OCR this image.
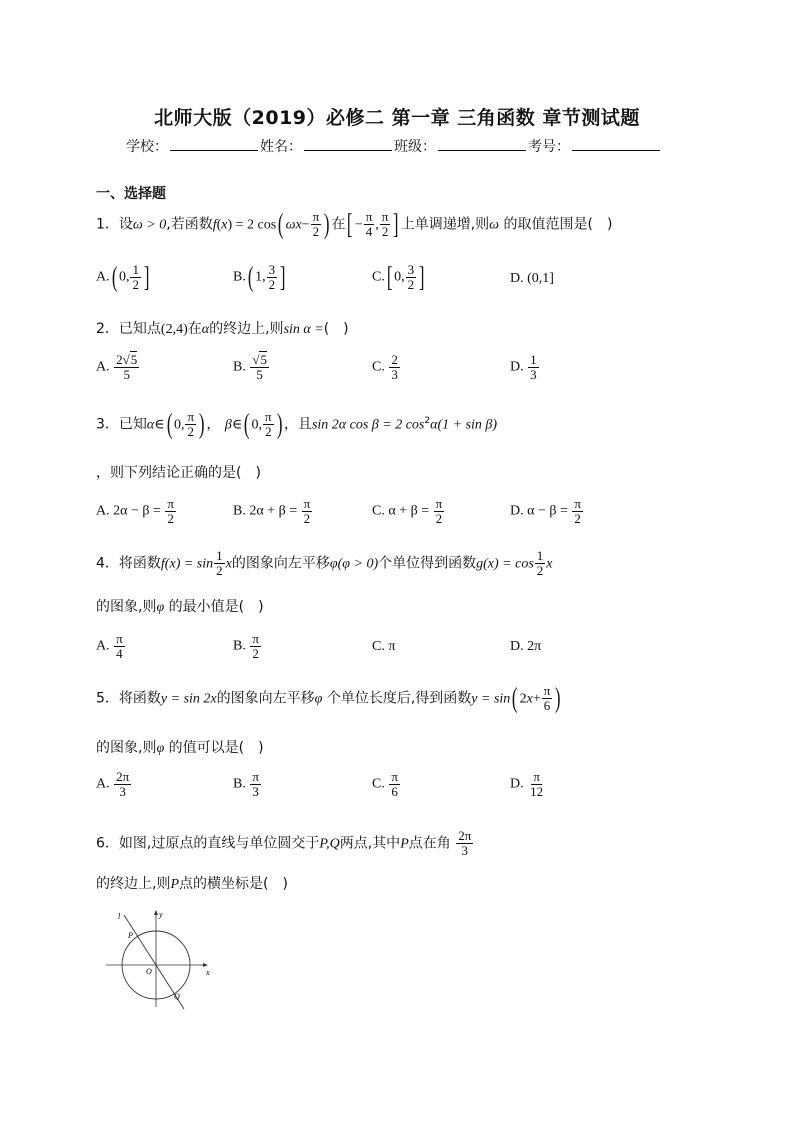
北师大版（2019）必修二 第一章 三角函数 章节测试题
学校：	姓名：	班级：	考号：
一、选择题
1．设ω > 0,若函数f(x) = 2 cos( $\omega x- \frac{\pi}{2}$ ) 在[ − $\frac{\pi}{4}$ , $\frac{\pi}{2}$ ] 上单调递增,则ω 的取值范围是(　)
A.( 0, $\frac{1}{2}$ ]	B.( 1, $\frac{3}{2}$ ]	C.[ 0, $\frac{3}{2}$ ]	D. (0,1]
2．已知点(2,4)在α的终边上,则sin α =(　)
A. $\frac{2√5}{5}$	B. $\frac{√5}{5}$	C. $\frac{2}{3}$	D. $\frac{1}{3}$
3．已知α∈( 0, $\frac{\pi}{2}$ ) ， β∈( 0, $\frac{\pi}{2}$ ) ，且sin 2α cos β = 2 $\cos^2\alpha(1 + \sin \beta)$
，则下列结论正确的是(　)
A. $2\alpha - \beta = \frac{\pi}{2}$	B. $2\alpha + \beta = \frac{\pi}{2}$	C. $\alpha + \beta = \frac{\pi}{2}$	D. $\alpha - \beta = \frac{\pi}{2}$
4．将函数$f(x) = \sin \frac{1}{2}$ x的图象向左平移φ(φ > 0)个单位得到函数$g(x) = \cos \frac{1}{2}$ x
的图象,则φ 的最小值是(　)
A. $\frac{\pi}{4}$	B. $\frac{\pi}{2}$	C. π	D. 2π
5．将函数y = sin 2x的图象向左平移φ 个单位长度后,得到函数y = sin( $2x+ \frac{\pi}{6}$ )
的图象,则φ 的值可以是(　)
A. $\frac{2\pi}{3}$	B. $\frac{\pi}{3}$	C. $\frac{\pi}{6}$	D. $\frac{\pi}{12}$
6．如图,过原点的直线与单位圆交于P,Q两点,其中P点在角 $\frac{2\pi}{3}$
的终边上,则P点的横坐标是(　)
x
y
O
P
Q
l
